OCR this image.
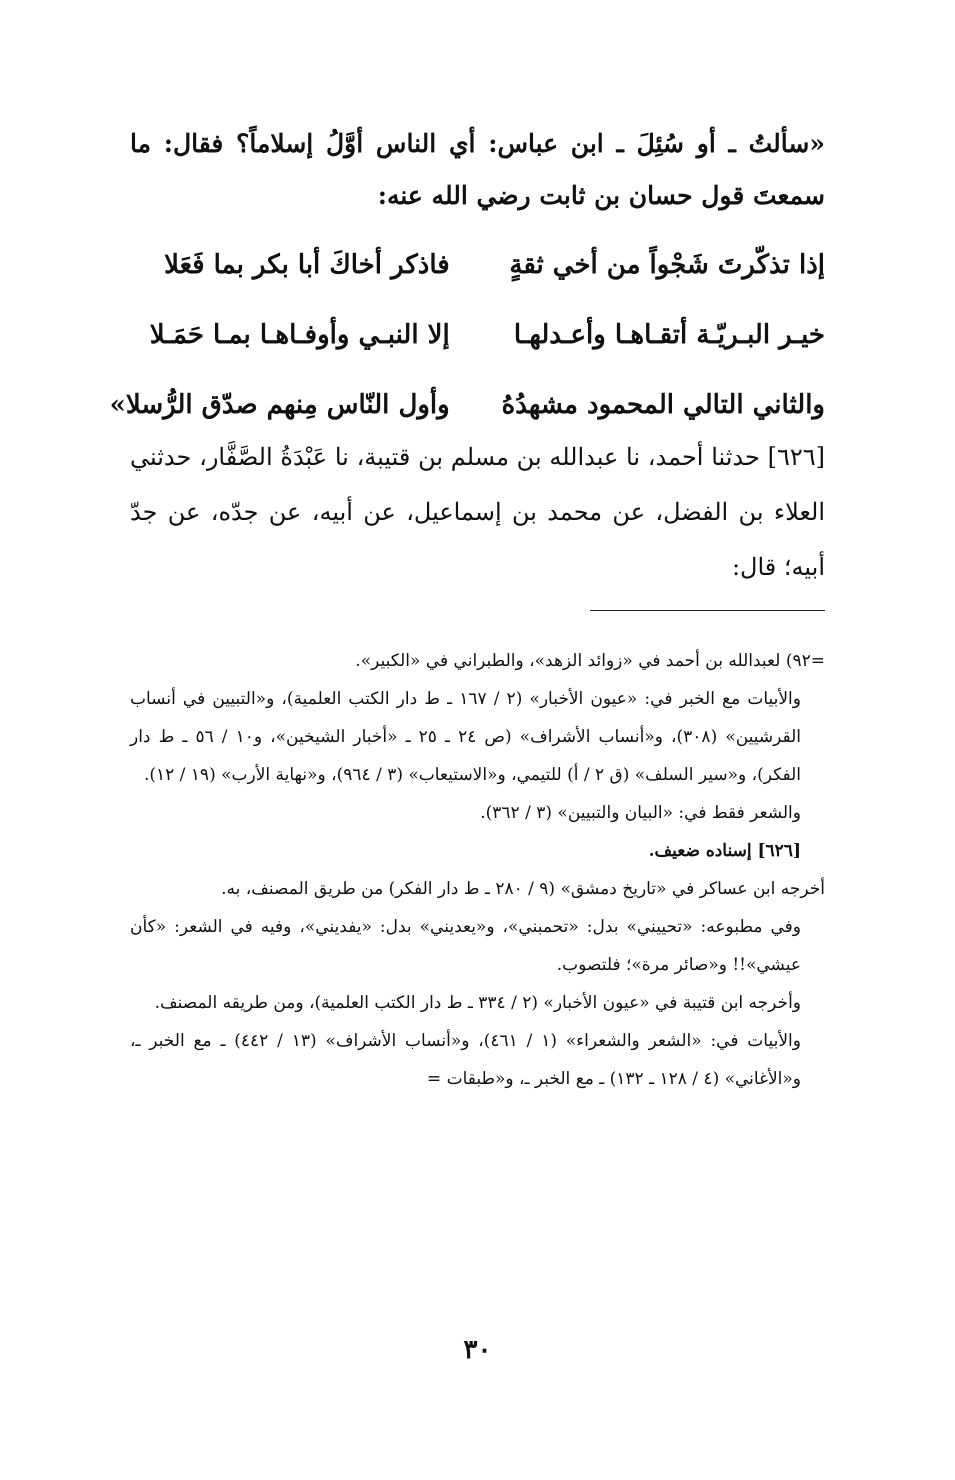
«سألتُ ـ أو سُئِلَ ـ ابن عباس: أي الناس أوَّلُ إسلاماً؟ فقال: ما سمعتَ قول حسان بن ثابت رضي الله عنه:

إذا تذكّرتَ شَجْواً من أخي ثقةٍ
فاذكر أخاكَ أبا بكر بما فَعَلا
خيـر البـريّـة أتقـاهـا وأعـدلهـا
إلا النبـي وأوفـاهـا بمـا حَمَـلا
والثاني التالي المحمود مشهدُهُ
وأول النّاس مِنهم صدّق الرُّسلا»

[٦٢٦] حدثنا أحمد، نا عبدالله بن مسلم بن قتيبة، نا عَبْدَةُ الصَّفَّار، حدثني العلاء بن الفضل، عن محمد بن إسماعيل، عن أبيه، عن جدّه، عن جدّ أبيه؛ قال:

=٩٢) لعبدالله بن أحمد في «زوائد الزهد»، والطبراني في «الكبير».

والأبيات مع الخبر في: «عيون الأخبار» (٢ / ١٦٧ ـ ط دار الكتب العلمية)، و«التبيين في أنساب القرشيين» (٣٠٨)، و«أنساب الأشراف» (ص ٢٤ ـ ٢٥ ـ «أخبار الشيخين»، و١٠ / ٥٦ ـ ط دار الفكر)، و«سير السلف» (ق ٢ / أ) للتيمي، و«الاستيعاب» (٣ / ٩٦٤)، و«نهاية الأرب» (١٩ / ١٢).

والشعر فقط في: «البيان والتبيين» (٣ / ٣٦٢).

[٦٢٦] إسناده ضعيف.

أخرجه ابن عساكر في «تاريخ دمشق» (٩ / ٢٨٠ ـ ط دار الفكر) من طريق المصنف، به.

وفي مطبوعه: «تحييني» بدل: «تحمبني»، و«يعديني» بدل: «يفديني»، وفيه في الشعر: «كأن عيشي»!! و«صائر مرة»؛ فلتصوب.

وأخرجه ابن قتيبة في «عيون الأخبار» (٢ / ٣٣٤ ـ ط دار الكتب العلمية)، ومن طريقه المصنف.

والأبيات في: «الشعر والشعراء» (١ / ٤٦١)، و«أنساب الأشراف» (١٣ / ٤٤٢) ـ مع الخبر ـ، و«الأغاني» (٤ / ١٢٨ ـ ١٣٢) ـ مع الخبر ـ، و«طبقات =

٣٠
